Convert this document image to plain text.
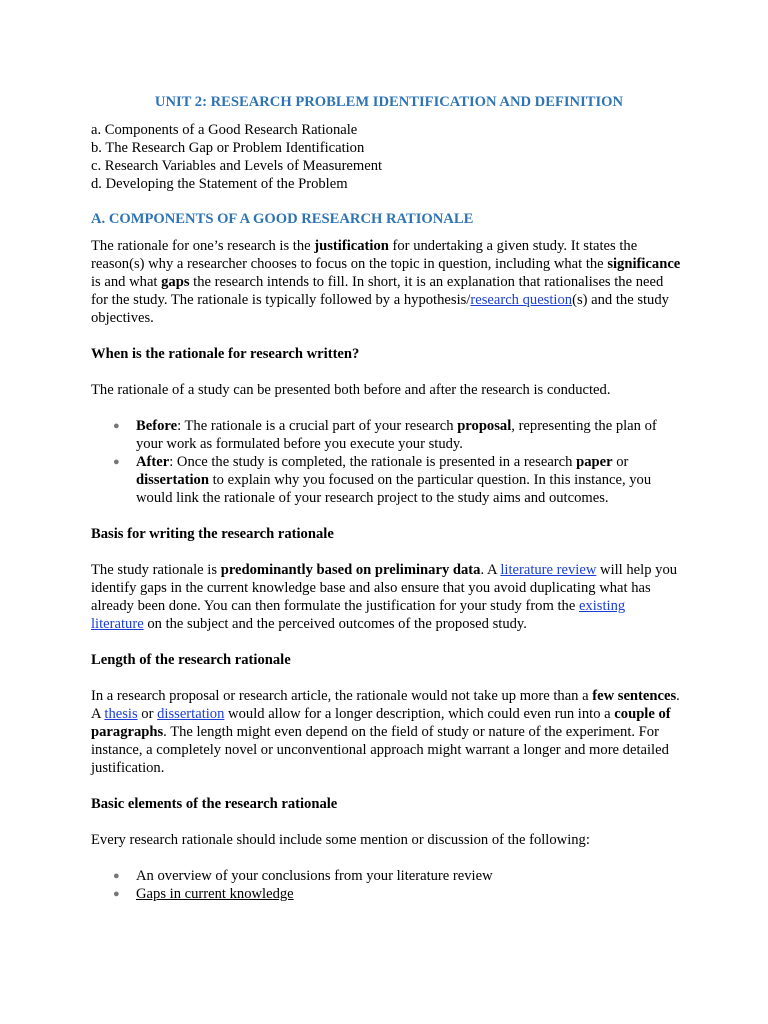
UNIT 2: RESEARCH PROBLEM IDENTIFICATION AND DEFINITION
a. Components of a Good Research Rationale
b. The Research Gap or Problem Identification
c. Research Variables and Levels of Measurement
d. Developing the Statement of the Problem
A. COMPONENTS OF A GOOD RESEARCH RATIONALE

The rationale for one’s research is the justification for undertaking a given study. It states the reason(s) why a researcher chooses to focus on the topic in question, including what the significance is and what gaps the research intends to fill. In short, it is an explanation that rationalises the need for the study. The rationale is typically followed by a hypothesis/research question(s) and the study objectives.

When is the rationale for research written?

The rationale of a study can be presented both before and after the research is conducted.

● Before: The rationale is a crucial part of your research proposal, representing the plan of your work as formulated before you execute your study.
● After: Once the study is completed, the rationale is presented in a research paper or dissertation to explain why you focused on the particular question. In this instance, you would link the rationale of your research project to the study aims and outcomes.

Basis for writing the research rationale

The study rationale is predominantly based on preliminary data. A literature review will help you identify gaps in the current knowledge base and also ensure that you avoid duplicating what has already been done. You can then formulate the justification for your study from the existing literature on the subject and the perceived outcomes of the proposed study.

Length of the research rationale

In a research proposal or research article, the rationale would not take up more than a few sentences. A thesis or dissertation would allow for a longer description, which could even run into a couple of paragraphs. The length might even depend on the field of study or nature of the experiment. For instance, a completely novel or unconventional approach might warrant a longer and more detailed justification.

Basic elements of the research rationale

Every research rationale should include some mention or discussion of the following:

● An overview of your conclusions from your literature review
● Gaps in current knowledge
